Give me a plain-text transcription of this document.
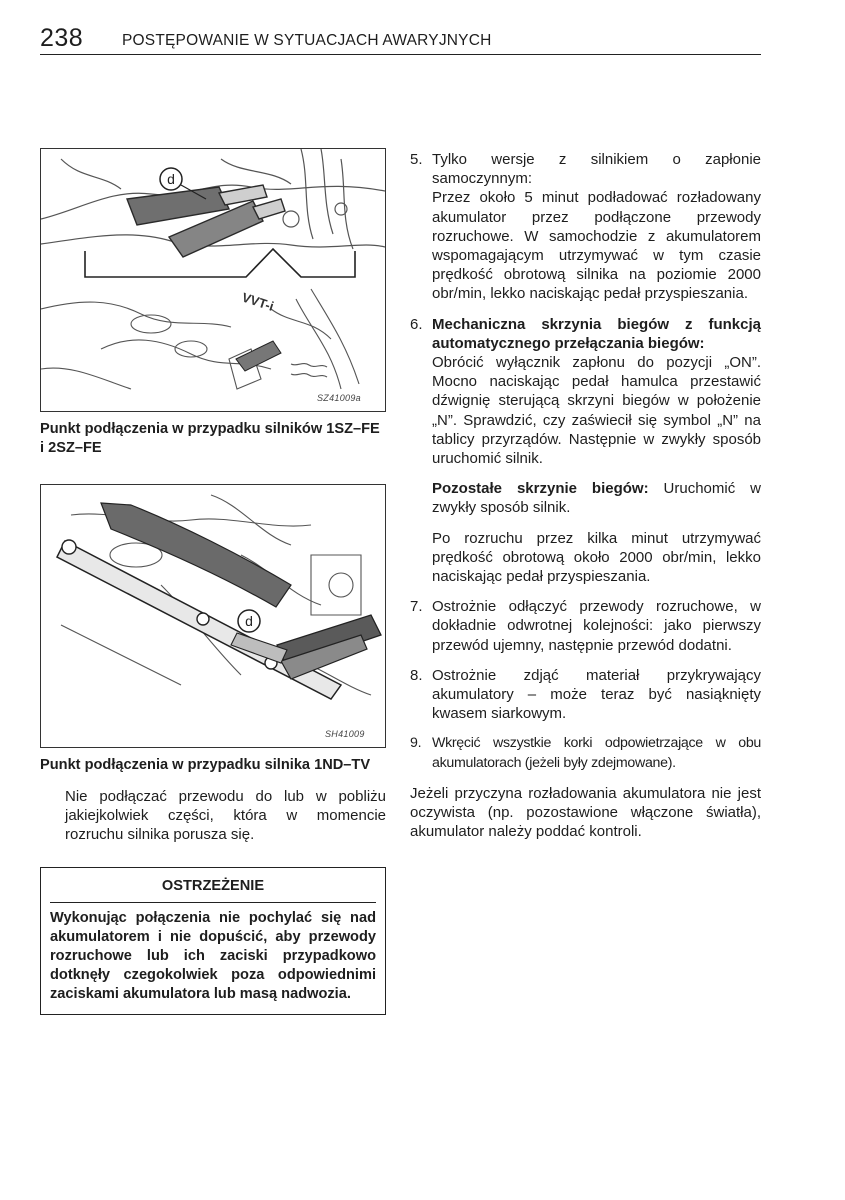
238	POSTĘPOWANIE W SYTUACJACH AWARYJNYCH
d
VVT-i
SZ41009a

Punkt podłączenia w przypadku silników 1SZ–FE i 2SZ–FE

d
SH41009

Punkt podłączenia w przypadku silnika 1ND–TV

Nie podłączać przewodu do lub w pobliżu jakiejkolwiek części, która w momencie rozruchu silnika porusza się.

OSTRZEŻENIE
Wykonując połączenia nie pochylać się nad akumulatorem i nie dopuścić, aby przewody rozruchowe lub ich zaciski przypadkowo dotknęły czegokolwiek poza odpowiednimi zaciskami akumulatora lub masą nadwozia.
5. Tylko wersje z silnikiem o zapłonie samoczynnym:
Przez około 5 minut podładować rozładowany akumulator przez podłączone przewody rozruchowe. W samochodzie z akumulatorem wspomagającym utrzymywać w tym czasie prędkość obrotową silnika na poziomie 2000 obr/min, lekko naciskając pedał przyspieszania.
6. Mechaniczna skrzynia biegów z funkcją automatycznego przełączania biegów:
Obrócić wyłącznik zapłonu do pozycji „ON”. Mocno naciskając pedał hamulca przestawić dźwignię sterującą skrzyni biegów w położenie „N”. Sprawdzić, czy zaświecił się symbol „N” na tablicy przyrządów. Następnie w zwykły sposób uruchomić silnik.
Pozostałe skrzynie biegów: Uruchomić w zwykły sposób silnik.
Po rozruchu przez kilka minut utrzymywać prędkość obrotową około 2000 obr/min, lekko naciskając pedał przyspieszania.
7. Ostrożnie odłączyć przewody rozruchowe, w dokładnie odwrotnej kolejności: jako pierwszy przewód ujemny, następnie przewód dodatni.
8. Ostrożnie zdjąć materiał przykrywający akumulatory – może teraz być nasiąknięty kwasem siarkowym.
9. Wkręcić wszystkie korki odpowietrzające w obu akumulatorach (jeżeli były zdejmowane).
Jeżeli przyczyna rozładowania akumulatora nie jest oczywista (np. pozostawione włączone światła), akumulator należy poddać kontroli.
